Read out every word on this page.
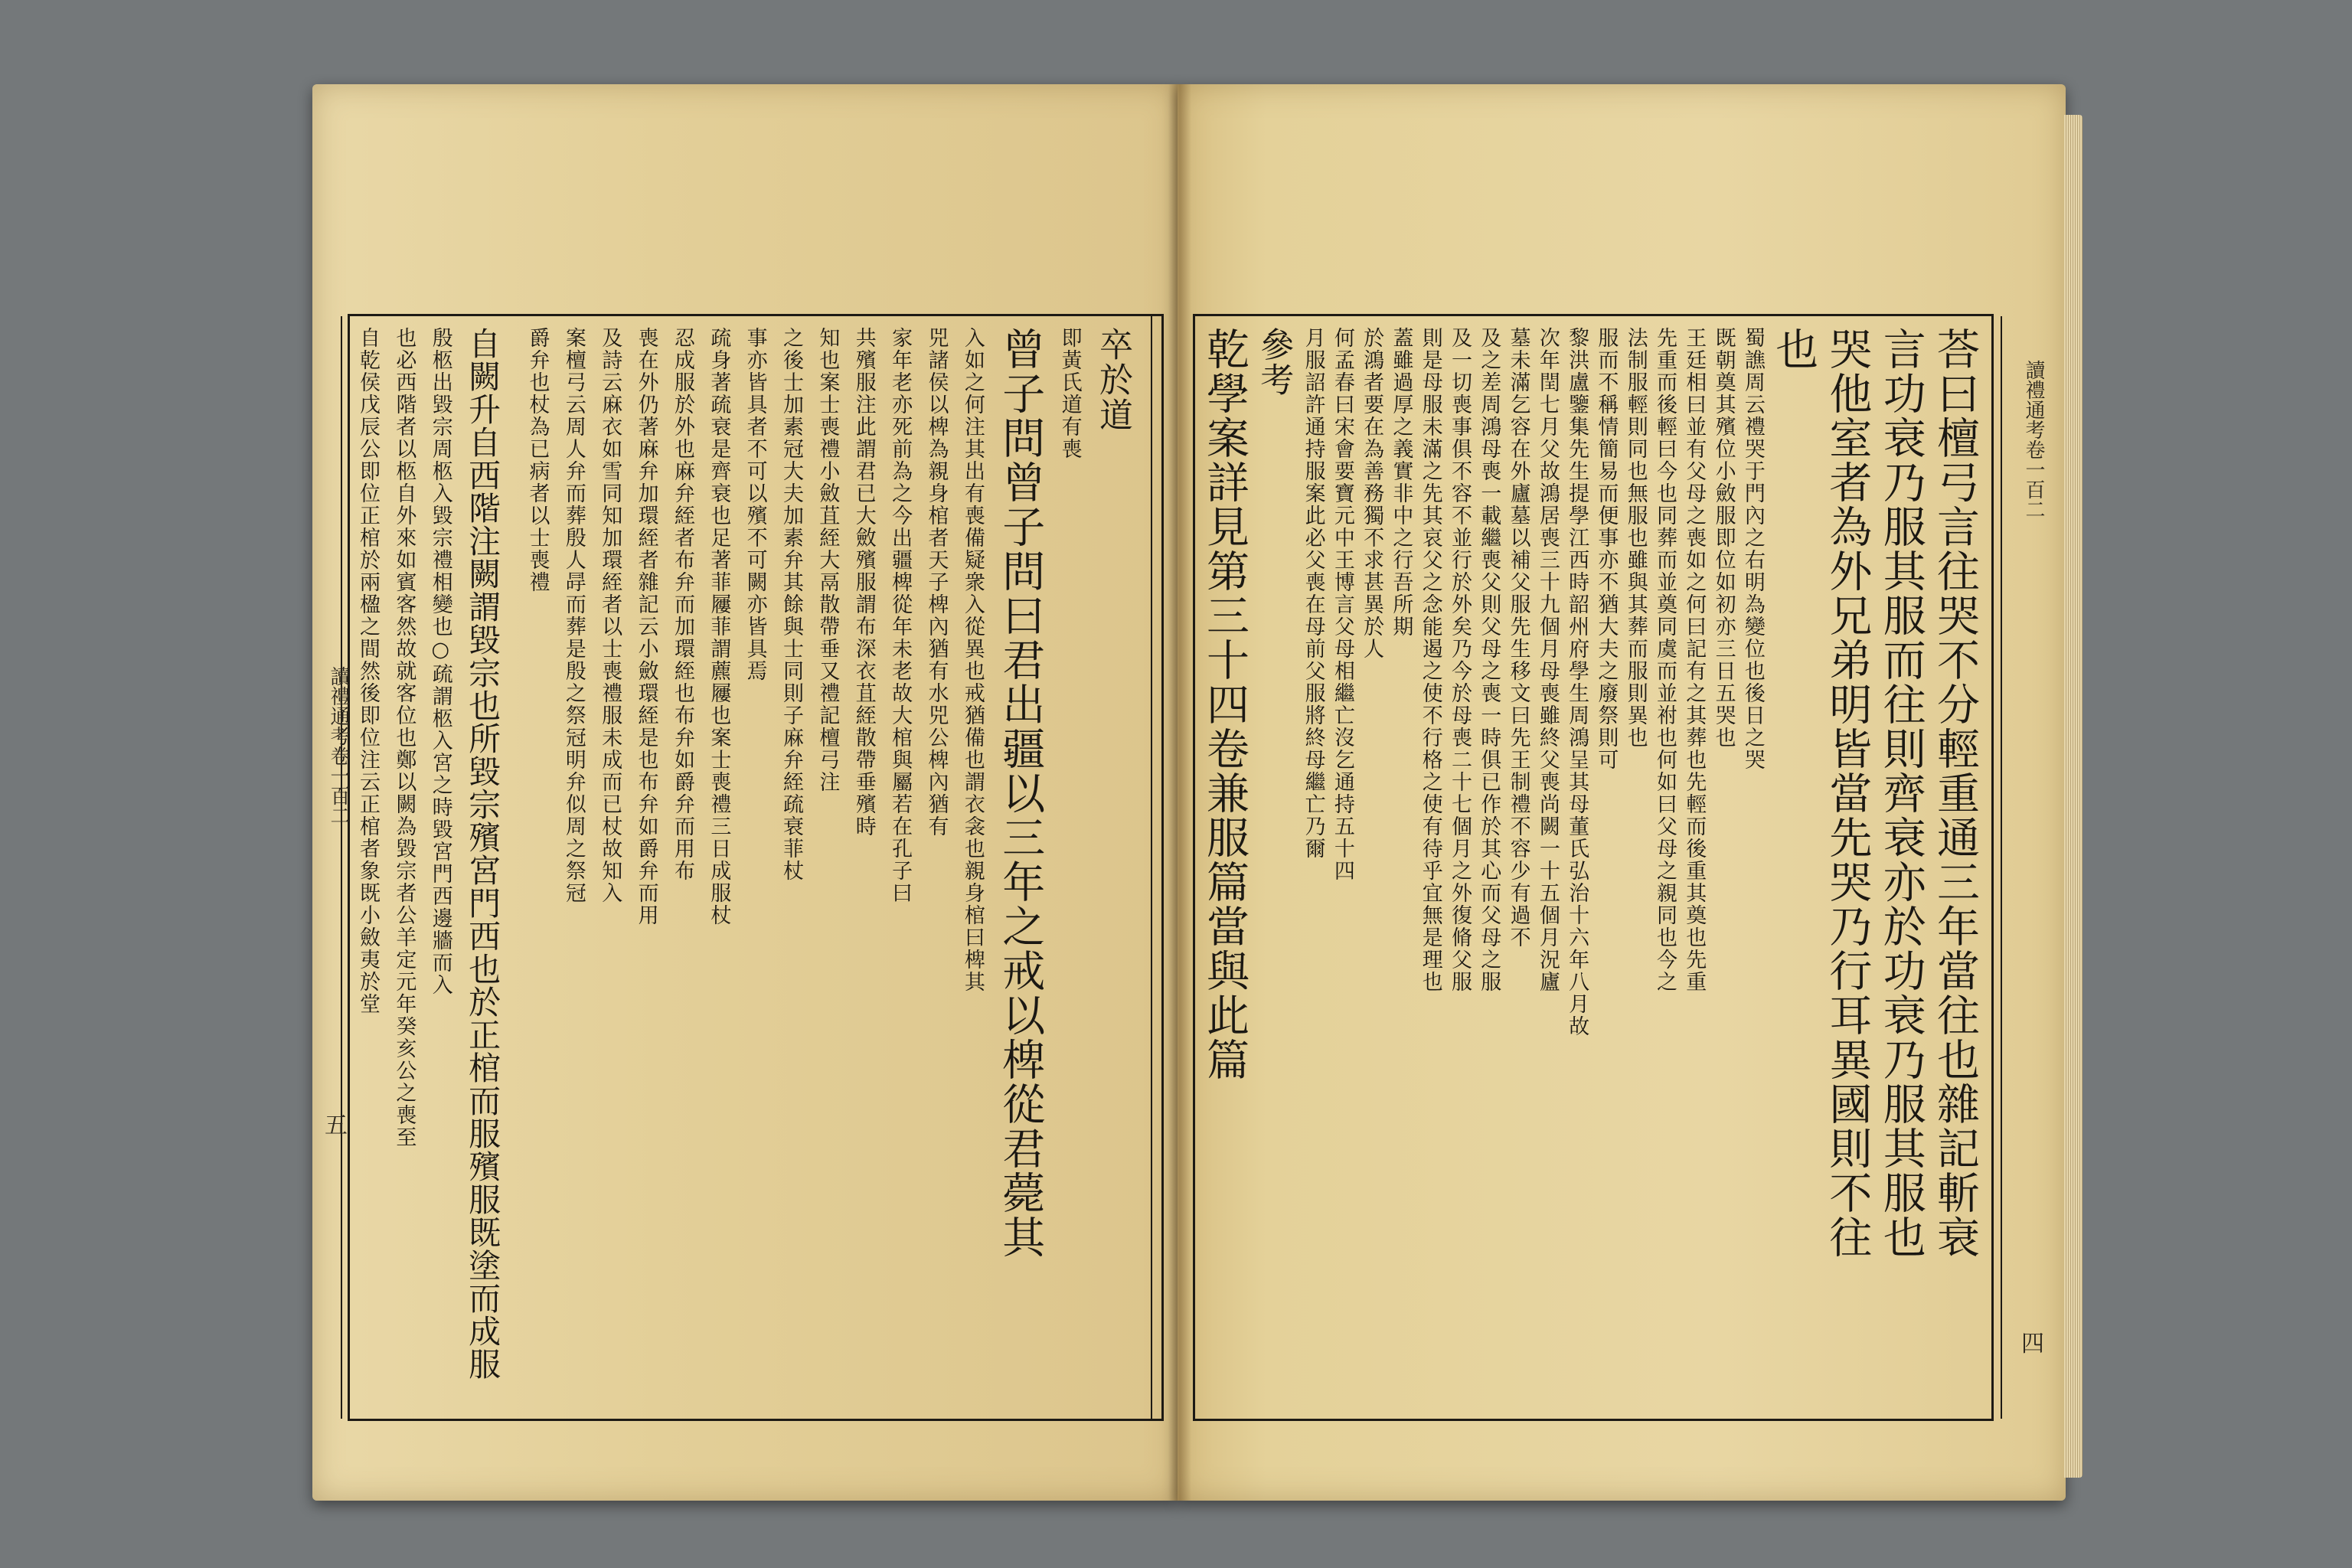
卒於道
即黃氏道有喪
曾子問曾子問曰君出疆以三年之戒以椑從君薨其
入如之何注其出有喪備疑衆入從異也戒猶備也謂衣衾也親身棺曰椑其
兕諸侯以椑為親身棺者天子椑內猶有水兕公椑內猶有
家年老亦死前為之今出疆椑從年未老故大棺與屬若在孔子曰
共殯服注此謂君已大斂殯服謂布深衣苴絰散帶垂殯時
知也案士喪禮小斂苴絰大鬲散帶垂又禮記檀弓注
之後士加素冠大夫加素弁其餘與士同則子麻弁絰疏衰菲杖
事亦皆具者不可以殯不可闕亦皆具焉
疏身著疏衰是齊衰也足著菲屨菲謂藨屨也案士喪禮三日成服杖
忍成服於外也麻弁絰者布弁而加環絰也布弁如爵弁而用布
喪在外仍著麻弁加環絰者雜記云小斂環絰是也布弁如爵弁而用
及詩云麻衣如雪同知加環絰者以士喪禮服未成而已杖故知入
案檀弓云周人弁而葬殷人冔而葬是殷之祭冠明弁似周之祭冠
爵弁也杖為已病者以士喪禮
自闕升自西階注闕謂毀宗也所毀宗殯宮門西也於正棺而服殯服既塗而成服
殷柩出毀宗周柩入毀宗禮相變也○疏謂柩入宮之時毀宮門西邊牆而入
也必西階者以柩自外來如賓客然故就客位也鄭以闕為毀宗者公羊定元年癸亥公之喪至
自乾侯戊辰公即位正棺於兩楹之間然後即位注云正棺者象既小斂夷於堂
讀禮通考卷一百二
五	荅曰檀弓言往哭不分輕重通三年當往也雜記斬衰
言功衰乃服其服而往則齊衰亦於功衰乃服其服也
哭他室者為外兄弟明皆當先哭乃行耳異國則不往
也
蜀譙周云禮哭于門內之右明為變位也後日之哭
既朝奠其殯位小斂服即位如初亦三日五哭也
王廷相曰並有父母之喪如之何曰記有之其葬也先輕而後重其奠也先重
先重而後輕曰今也同葬而並奠同虞而並祔也何如曰父母之親同也今之
法制服輕則同也無服也雖與其葬而服則異也
服而不稱情簡易而便事亦不猶大夫之廢祭則可
黎洪盧鑒集先生提學江西時韶州府學生周鴻呈其母董氏弘治十六年八月故
次年閏七月父故鴻居喪三十九個月母喪雖終父喪尚闕一十五個月況廬
墓未滿乞容在外廬墓以補父服先生移文曰先王制禮不容少有過不
及之差周鴻母喪一載繼喪父則父母之喪一時俱已作於其心而父母之服
及一切喪事俱不容不並行於外矣乃今於母喪二十七個月之外復脩父服
則是母服未滿之先其哀父之念能遏之使不行格之使有待乎宜無是理也
蓋雖過厚之義實非中之行吾所期
於鴻者要在為善務獨不求甚異於人
何孟春曰宋會要寶元中王博言父母相繼亡沒乞通持五十四
月服詔許通持服案此必父喪在母前父服將終母繼亡乃爾
參考
乾學案詳見第三十四卷兼服篇當與此篇	讀禮通考卷一百二
四
